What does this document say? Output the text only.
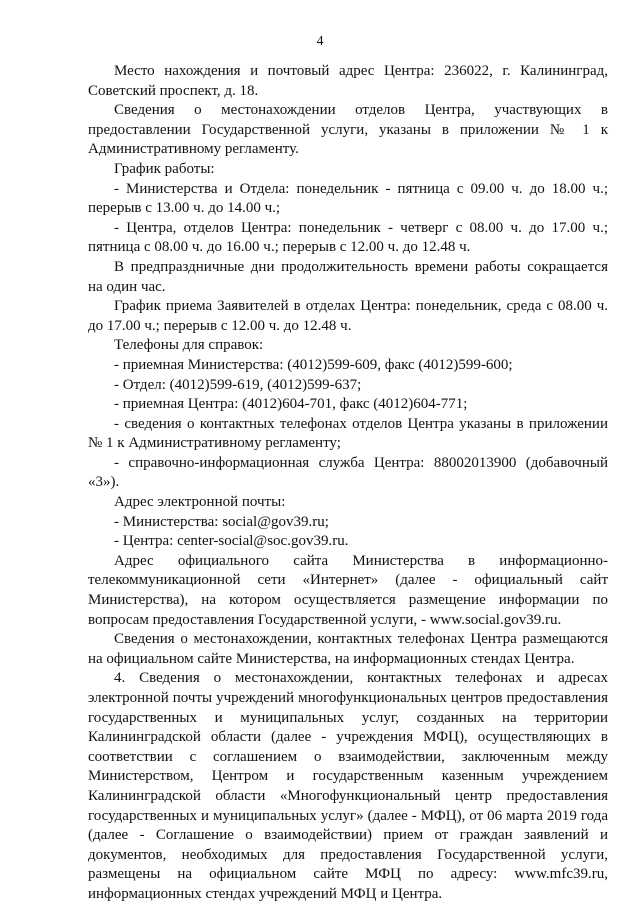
4

Место нахождения и почтовый адрес Центра: 236022, г. Калининград, Советский проспект, д. 18.

Сведения о местонахождении отделов Центра, участвующих в предоставлении Государственной услуги, указаны в приложении № 1 к Административному регламенту.

График работы:

- Министерства и Отдела: понедельник - пятница с 09.00 ч. до 18.00 ч.; перерыв с 13.00 ч. до 14.00 ч.;

- Центра, отделов Центра: понедельник - четверг с 08.00 ч. до 17.00 ч.; пятница с 08.00 ч. до 16.00 ч.; перерыв с 12.00 ч. до 12.48 ч.

В предпраздничные дни продолжительность времени работы сокращается на один час.

График приема Заявителей в отделах Центра: понедельник, среда с 08.00 ч. до 17.00 ч.; перерыв с 12.00 ч. до 12.48 ч.

Телефоны для справок:

- приемная Министерства: (4012)599-609, факс (4012)599-600;

- Отдел: (4012)599-619, (4012)599-637;

- приемная Центра: (4012)604-701, факс (4012)604-771;

- сведения о контактных телефонах отделов Центра указаны в приложении № 1 к Административному регламенту;

- справочно-информационная служба Центра: 88002013900 (добавочный «3»).

Адрес электронной почты:

- Министерства: social@gov39.ru;

- Центра: center-social@soc.gov39.ru.

Адрес официального сайта Министерства в информационно-телекоммуникационной сети «Интернет» (далее - официальный сайт Министерства), на котором осуществляется размещение информации по вопросам предоставления Государственной услуги, - www.social.gov39.ru.

Сведения о местонахождении, контактных телефонах Центра размещаются на официальном сайте Министерства, на информационных стендах Центра.

4. Сведения о местонахождении, контактных телефонах и адресах электронной почты учреждений многофункциональных центров предоставления государственных и муниципальных услуг, созданных на территории Калининградской области (далее - учреждения МФЦ), осуществляющих в соответствии с соглашением о взаимодействии, заключенным между Министерством, Центром и государственным казенным учреждением Калининградской области «Многофункциональный центр предоставления государственных и муниципальных услуг» (далее - МФЦ), от 06 марта 2019 года (далее - Соглашение о взаимодействии) прием от граждан заявлений и документов, необходимых для предоставления Государственной услуги, размещены на официальном сайте МФЦ по адресу: www.mfc39.ru, информационных стендах учреждений МФЦ и Центра.
